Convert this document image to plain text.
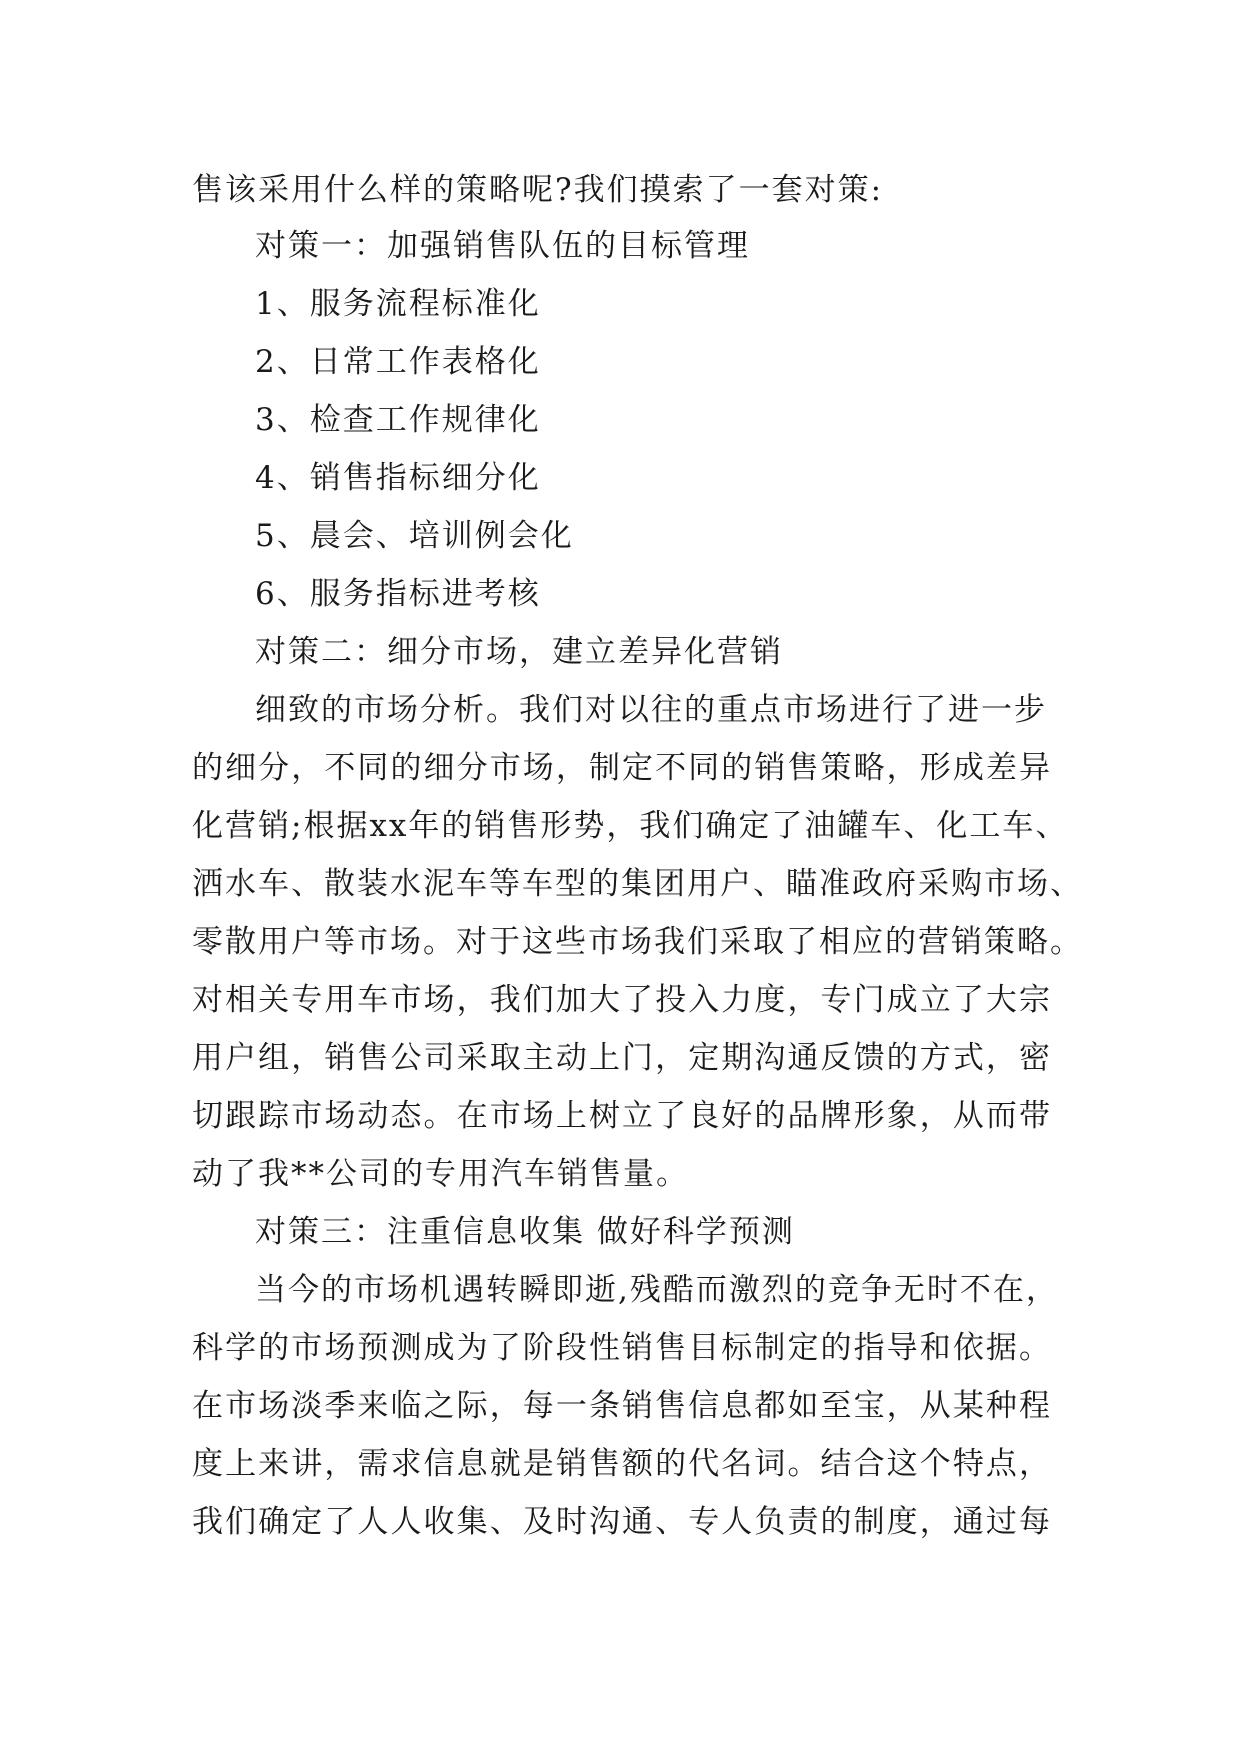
售该采用什么样的策略呢?我们摸索了一套对策:
对策一：加强销售队伍的目标管理
1、服务流程标准化
2、日常工作表格化
3、检查工作规律化
4、销售指标细分化
5、晨会、培训例会化
6、服务指标进考核
对策二：细分市场，建立差异化营销
细致的市场分析。我们对以往的重点市场进行了进一步
的细分，不同的细分市场，制定不同的销售策略，形成差异
化营销;根据xx年的销售形势，我们确定了油罐车、化工车、
洒水车、散装水泥车等车型的集团用户、瞄准政府采购市场、
零散用户等市场。对于这些市场我们采取了相应的营销策略。
对相关专用车市场，我们加大了投入力度，专门成立了大宗
用户组，销售公司采取主动上门，定期沟通反馈的方式，密
切跟踪市场动态。在市场上树立了良好的品牌形象，从而带
动了我**公司的专用汽车销售量。
对策三：注重信息收集 做好科学预测
当今的市场机遇转瞬即逝,残酷而激烈的竞争无时不在，
科学的市场预测成为了阶段性销售目标制定的指导和依据。
在市场淡季来临之际，每一条销售信息都如至宝，从某种程
度上来讲，需求信息就是销售额的代名词。结合这个特点，
我们确定了人人收集、及时沟通、专人负责的制度，通过每
